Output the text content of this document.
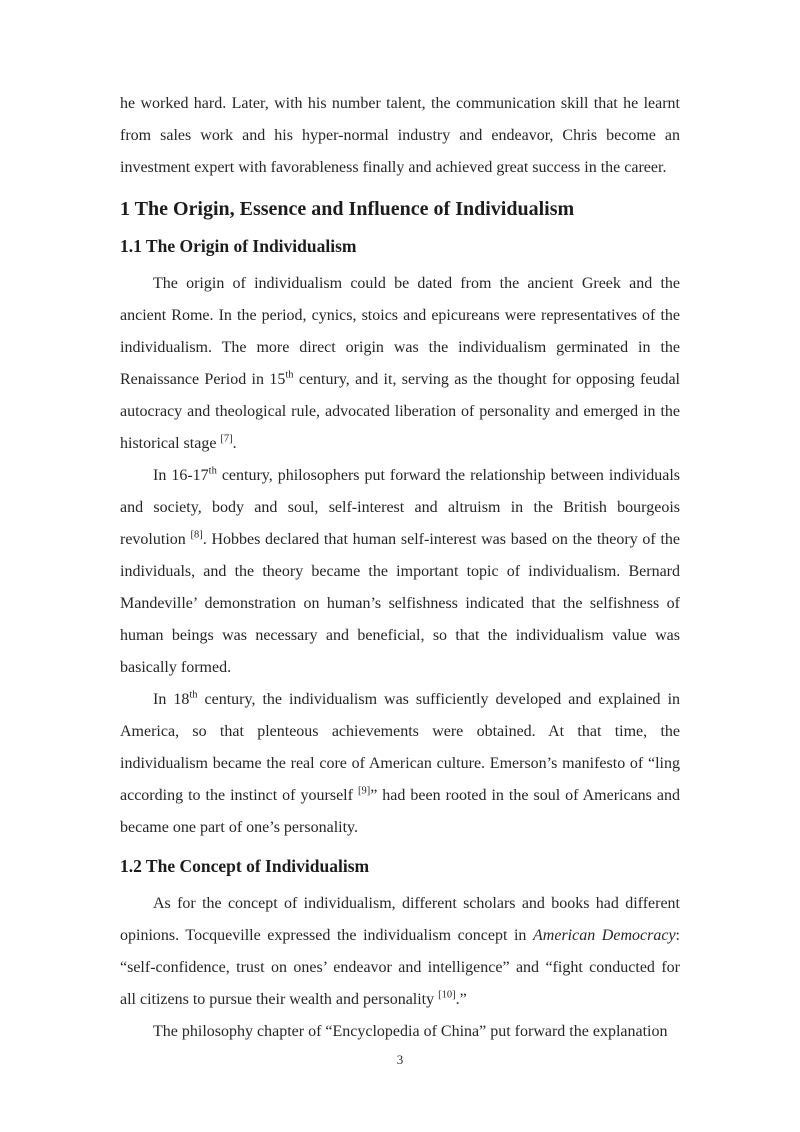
he worked hard. Later, with his number talent, the communication skill that he learnt
from sales work and his hyper-normal industry and endeavor, Chris become an
investment expert with favorableness finally and achieved great success in the career.
1 The Origin, Essence and Influence of Individualism
1.1 The Origin of Individualism
The origin of individualism could be dated from the ancient Greek and the
ancient Rome. In the period, cynics, stoics and epicureans were representatives of the
individualism. The more direct origin was the individualism germinated in the
Renaissance Period in 15th century, and it, serving as the thought for opposing feudal
autocracy and theological rule, advocated liberation of personality and emerged in the
historical stage [7].
In 16-17th century, philosophers put forward the relationship between individuals
and society, body and soul, self-interest and altruism in the British bourgeois
revolution [8]. Hobbes declared that human self-interest was based on the theory of the
individuals, and the theory became the important topic of individualism. Bernard
Mandeville’ demonstration on human’s selfishness indicated that the selfishness of
human beings was necessary and beneficial, so that the individualism value was
basically formed.
In 18th century, the individualism was sufficiently developed and explained in
America, so that plenteous achievements were obtained. At that time, the
individualism became the real core of American culture. Emerson’s manifesto of “ling
according to the instinct of yourself [9]” had been rooted in the soul of Americans and
became one part of one’s personality.
1.2 The Concept of Individualism
As for the concept of individualism, different scholars and books had different
opinions. Tocqueville expressed the individualism concept in American Democracy:
“self-confidence, trust on ones’ endeavor and intelligence” and “fight conducted for
all citizens to pursue their wealth and personality [10].”
The philosophy chapter of “Encyclopedia of China” put forward the explanation
3
